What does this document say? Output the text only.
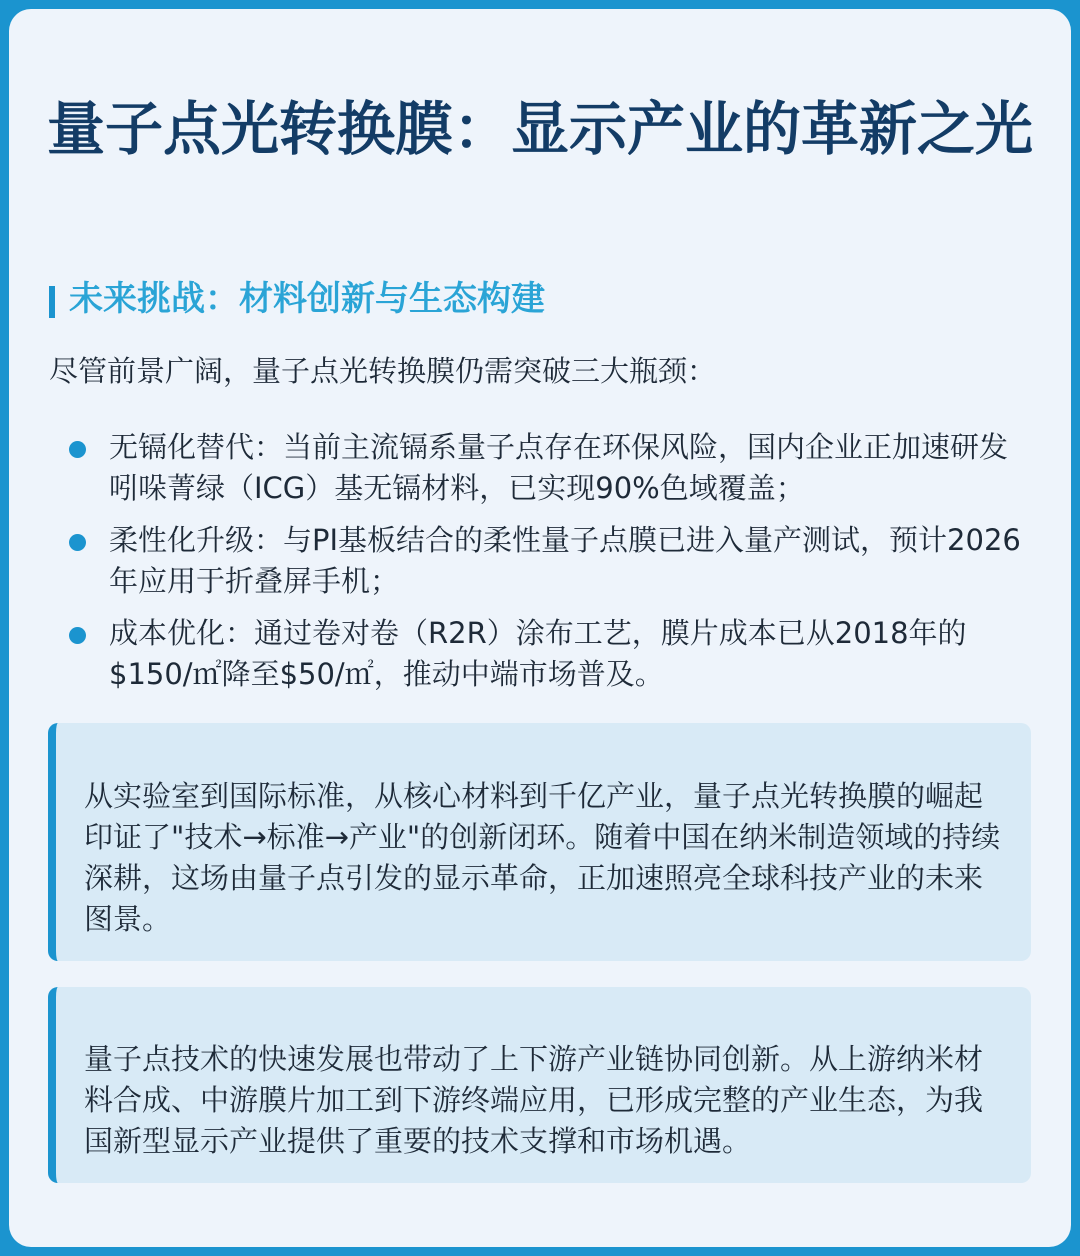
量子点光转换膜：显示产业的革新之光
未来挑战：材料创新与生态构建

尽管前景广阔，量子点光转换膜仍需突破三大瓶颈：

无镉化替代：当前主流镉系量子点存在环保风险，国内企业正加速研发吲哚菁绿（ICG）基无镉材料，已实现90%色域覆盖；
柔性化升级：与PI基板结合的柔性量子点膜已进入量产测试，预计2026年应用于折叠屏手机；
成本优化：通过卷对卷（R2R）涂布工艺，膜片成本已从2018年的$150/㎡降至$50/㎡，推动中端市场普及。
从实验室到国际标准，从核心材料到千亿产业，量子点光转换膜的崛起印证了"技术→标准→产业"的创新闭环。随着中国在纳米制造领域的持续深耕，这场由量子点引发的显示革命，正加速照亮全球科技产业的未来图景。
量子点技术的快速发展也带动了上下游产业链协同创新。从上游纳米材料合成、中游膜片加工到下游终端应用，已形成完整的产业生态，为我国新型显示产业提供了重要的技术支撑和市场机遇。
